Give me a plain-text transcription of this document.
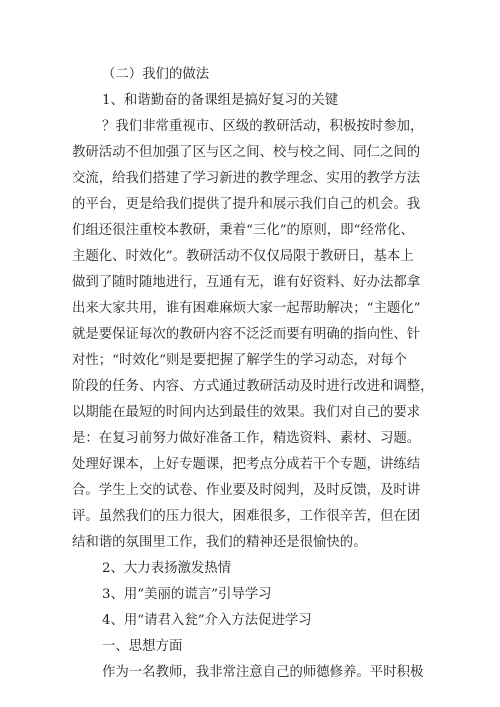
（二）我们的做法
1、和谐勤奋的备课组是搞好复习的关键
？我们非常重视市、区级的教研活动，积极按时参加，
教研活动不但加强了区与区之间、校与校之间、同仁之间的
交流，给我们搭建了学习新进的教学理念、实用的教学方法
的平台，更是给我们提供了提升和展示我们自己的机会。我
们组还很注重校本教研，秉着“三化”的原则，即“经常化、
主题化、时效化”。教研活动不仅仅局限于教研日，基本上
做到了随时随地进行，互通有无，谁有好资料、好办法都拿
出来大家共用，谁有困难麻烦大家一起帮助解决；“主题化”
就是要保证每次的教研内容不泛泛而要有明确的指向性、针
对性；“时效化”则是要把握了解学生的学习动态，对每个
阶段的任务、内容、方式通过教研活动及时进行改进和调整，
以期能在最短的时间内达到最佳的效果。我们对自己的要求
是：在复习前努力做好准备工作，精选资料、素材、习题。
处理好课本，上好专题课，把考点分成若干个专题，讲练结
合。学生上交的试卷、作业要及时阅判，及时反馈，及时讲
评。虽然我们的压力很大，困难很多，工作很辛苦，但在团
结和谐的氛围里工作，我们的精神还是很愉快的。
2、大力表扬激发热情
3、用“美丽的谎言”引导学习
4、用“请君入瓮”介入方法促进学习
一、思想方面
作为一名教师，我非常注意自己的师德修养。平时积极
